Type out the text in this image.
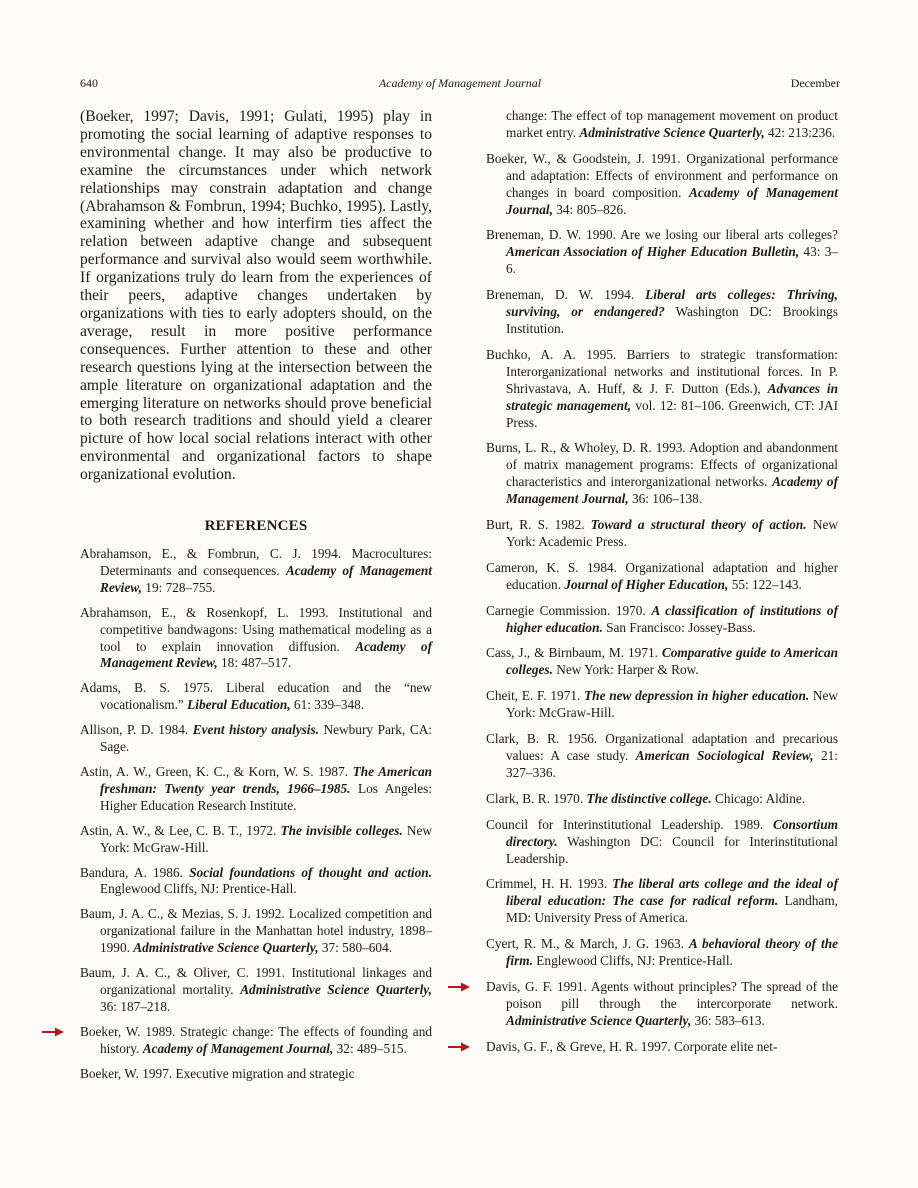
640	Academy of Management Journal	December

(Boeker, 1997; Davis, 1991; Gulati, 1995) play in promoting the social learning of adaptive responses to environmental change. It may also be productive to examine the circumstances under which network relationships may constrain adaptation and change (Abrahamson & Fombrun, 1994; Buchko, 1995). Lastly, examining whether and how interfirm ties affect the relation between adaptive change and subsequent performance and survival also would seem worthwhile. If organizations truly do learn from the experiences of their peers, adaptive changes undertaken by organizations with ties to early adopters should, on the average, result in more positive performance consequences. Further attention to these and other research questions lying at the intersection between the ample literature on organizational adaptation and the emerging literature on networks should prove beneficial to both research traditions and should yield a clearer picture of how local social relations interact with other environmental and organizational factors to shape organizational evolution.

REFERENCES
Abrahamson, E., & Fombrun, C. J. 1994. Macrocultures: Determinants and consequences. Academy of Management Review, 19: 728–755.
Abrahamson, E., & Rosenkopf, L. 1993. Institutional and competitive bandwagons: Using mathematical modeling as a tool to explain innovation diffusion. Academy of Management Review, 18: 487–517.
Adams, B. S. 1975. Liberal education and the “new vocationalism.” Liberal Education, 61: 339–348.
Allison, P. D. 1984. Event history analysis. Newbury Park, CA: Sage.
Astin, A. W., Green, K. C., & Korn, W. S. 1987. The American freshman: Twenty year trends, 1966–1985. Los Angeles: Higher Education Research Institute.
Astin, A. W., & Lee, C. B. T., 1972. The invisible colleges. New York: McGraw-Hill.
Bandura, A. 1986. Social foundations of thought and action. Englewood Cliffs, NJ: Prentice-Hall.
Baum, J. A. C., & Mezias, S. J. 1992. Localized competition and organizational failure in the Manhattan hotel industry, 1898–1990. Administrative Science Quarterly, 37: 580–604.
Baum, J. A. C., & Oliver, C. 1991. Institutional linkages and organizational mortality. Administrative Science Quarterly, 36: 187–218.
Boeker, W. 1989. Strategic change: The effects of founding and history. Academy of Management Journal, 32: 489–515.
Boeker, W. 1997. Executive migration and strategic
change: The effect of top management movement on product market entry. Administrative Science Quarterly, 42: 213:236.
Boeker, W., & Goodstein, J. 1991. Organizational performance and adaptation: Effects of environment and performance on changes in board composition. Academy of Management Journal, 34: 805–826.
Breneman, D. W. 1990. Are we losing our liberal arts colleges? American Association of Higher Education Bulletin, 43: 3–6.
Breneman, D. W. 1994. Liberal arts colleges: Thriving, surviving, or endangered? Washington DC: Brookings Institution.
Buchko, A. A. 1995. Barriers to strategic transformation: Interorganizational networks and institutional forces. In P. Shrivastava, A. Huff, & J. F. Dutton (Eds.), Advances in strategic management, vol. 12: 81–106. Greenwich, CT: JAI Press.
Burns, L. R., & Wholey, D. R. 1993. Adoption and abandonment of matrix management programs: Effects of organizational characteristics and interorganizational networks. Academy of Management Journal, 36: 106–138.
Burt, R. S. 1982. Toward a structural theory of action. New York: Academic Press.
Cameron, K. S. 1984. Organizational adaptation and higher education. Journal of Higher Education, 55: 122–143.
Carnegie Commission. 1970. A classification of institutions of higher education. San Francisco: Jossey-Bass.
Cass, J., & Birnbaum, M. 1971. Comparative guide to American colleges. New York: Harper & Row.
Cheit, E. F. 1971. The new depression in higher education. New York: McGraw-Hill.
Clark, B. R. 1956. Organizational adaptation and precarious values: A case study. American Sociological Review, 21: 327–336.
Clark, B. R. 1970. The distinctive college. Chicago: Aldine.
Council for Interinstitutional Leadership. 1989. Consortium directory. Washington DC: Council for Interinstitutional Leadership.
Crimmel, H. H. 1993. The liberal arts college and the ideal of liberal education: The case for radical reform. Landham, MD: University Press of America.
Cyert, R. M., & March, J. G. 1963. A behavioral theory of the firm. Englewood Cliffs, NJ: Prentice-Hall.
Davis, G. F. 1991. Agents without principles? The spread of the poison pill through the intercorporate network. Administrative Science Quarterly, 36: 583–613.
Davis, G. F., & Greve, H. R. 1997. Corporate elite net-
